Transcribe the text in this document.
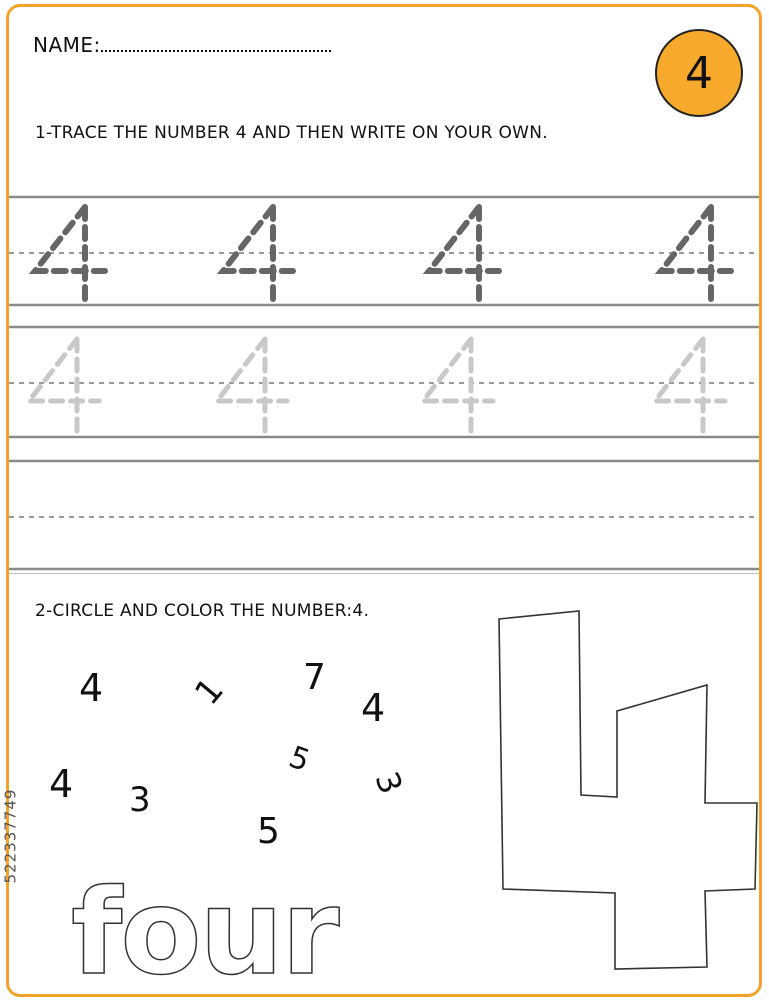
NAME:
4
1-TRACE THE NUMBER 4 AND THEN WRITE ON YOUR OWN.
2-CIRCLE AND COLOR THE NUMBER:4.
4 1 7
4
5
4 3	3
5
four
522337749
